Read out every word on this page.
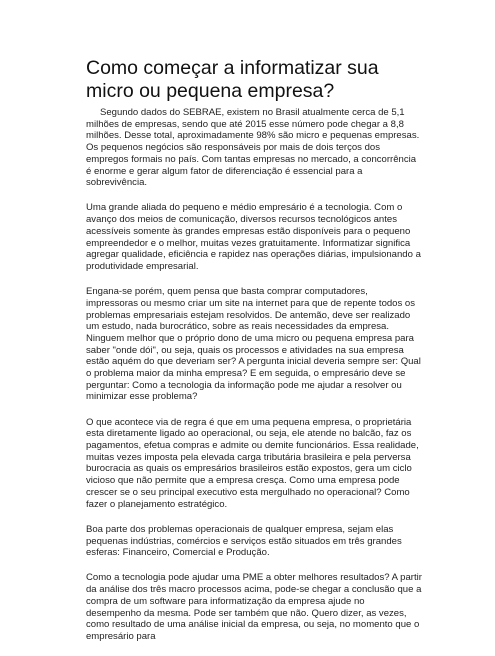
Como começar a informatizar sua micro ou pequena empresa?

Segundo dados do SEBRAE, existem no Brasil atualmente cerca de 5,1 milhões de empresas, sendo que até 2015 esse número pode chegar a 8,8 milhões. Desse total, aproximadamente 98% são micro e pequenas empresas. Os pequenos negócios são responsáveis por mais de dois terços dos empregos formais no país. Com tantas empresas no mercado, a concorrência é enorme e gerar algum fator de diferenciação é essencial para a sobrevivência.

Uma grande aliada do pequeno e médio empresário é a tecnologia. Com o avanço dos meios de comunicação, diversos recursos tecnológicos antes acessíveis somente às grandes empresas estão disponíveis para o pequeno empreendedor e o melhor, muitas vezes gratuitamente. Informatizar significa agregar qualidade, eficiência e rapidez nas operações diárias, impulsionando a produtividade empresarial.

Engana-se porém, quem pensa que basta comprar computadores, impressoras ou mesmo criar um site na internet para que de repente todos os problemas empresariais estejam resolvidos. De antemão, deve ser realizado um estudo, nada burocrático, sobre as reais necessidades da empresa. Ninguem melhor que o próprio dono de uma micro ou pequena empresa para saber "onde dói", ou seja, quais os processos e atividades na sua empresa estão aquém do que deveriam ser? A pergunta inicial deveria sempre ser: Qual o problema maior da minha empresa? E em seguida, o empresário deve se perguntar: Como a tecnologia da informação pode me ajudar a resolver ou minimizar esse problema?

O que acontece via de regra é que em uma pequena empresa, o proprietária esta diretamente ligado ao operacional, ou seja, ele atende no balcão, faz os pagamentos, efetua compras e admite ou demite funcionários. Essa realidade, muitas vezes imposta pela elevada carga tributária brasileira e pela perversa burocracia as quais os empresários brasileiros estão expostos, gera um ciclo vicioso que não permite que a empresa cresça. Como uma empresa pode crescer se o seu principal executivo esta mergulhado no operacional? Como fazer o planejamento estratégico.

Boa parte dos problemas operacionais de qualquer empresa, sejam elas pequenas indústrias, comércios e serviços estão situados em três grandes esferas: Financeiro, Comercial e Produção.

Como a tecnologia pode ajudar uma PME a obter melhores resultados? A partir da análise dos três macro processos acima, pode-se chegar a conclusão que a compra de um software para informatização da empresa ajude no desempenho da mesma. Pode ser também que não. Quero dizer, as vezes, como resultado de uma análise inicial da empresa, ou seja, no momento que o empresário para
